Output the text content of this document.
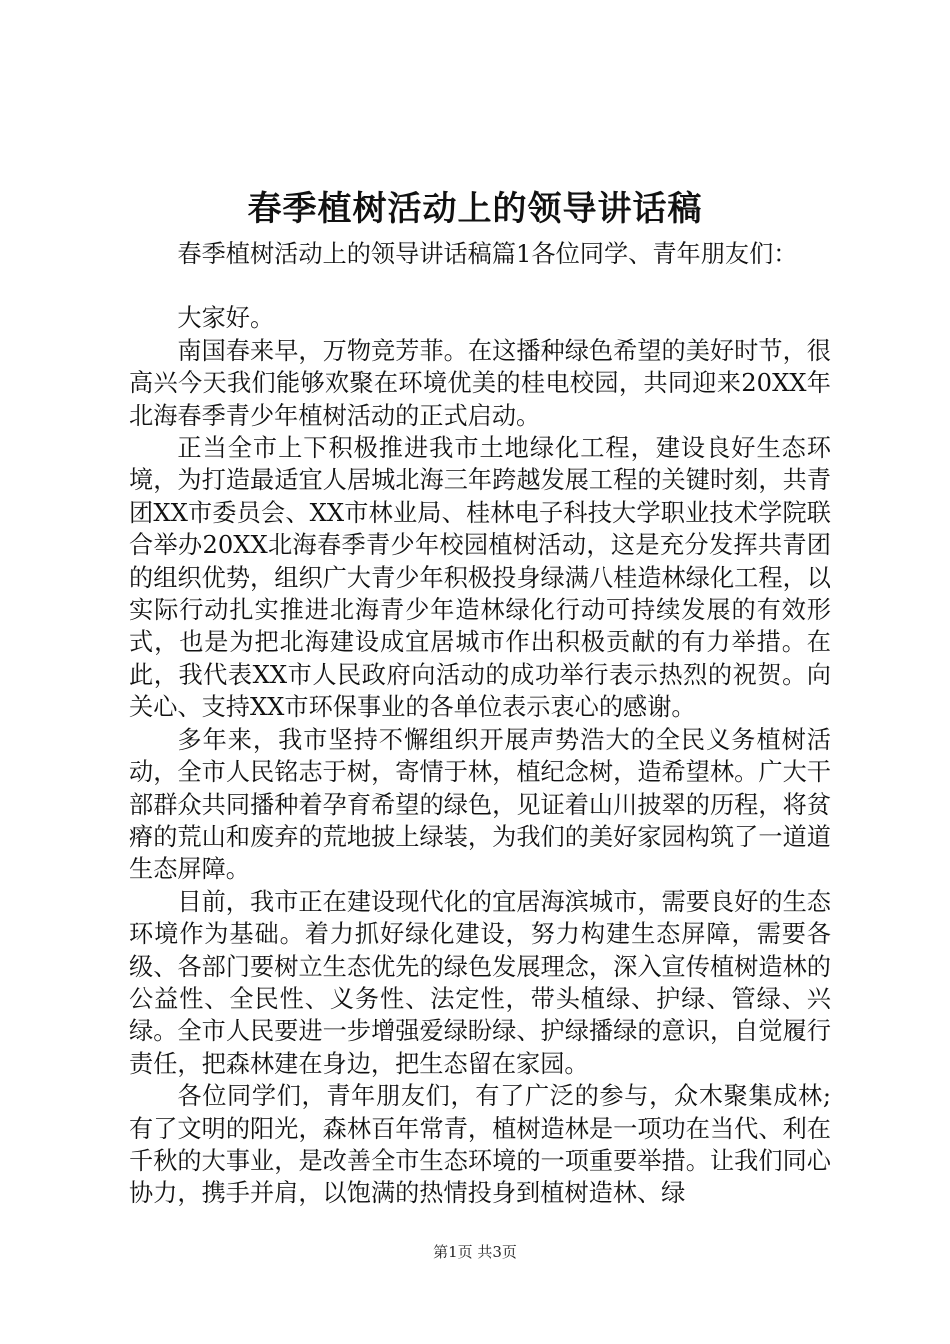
春季植树活动上的领导讲话稿

春季植树活动上的领导讲话稿篇1各位同学、青年朋友们：

大家好。

南国春来早，万物竞芳菲。在这播种绿色希望的美好时节，很高兴今天我们能够欢聚在环境优美的桂电校园，共同迎来20XX年北海春季青少年植树活动的正式启动。

正当全市上下积极推进我市土地绿化工程，建设良好生态环境，为打造最适宜人居城北海三年跨越发展工程的关键时刻，共青团XX市委员会、XX市林业局、桂林电子科技大学职业技术学院联合举办20XX北海春季青少年校园植树活动，这是充分发挥共青团的组织优势，组织广大青少年积极投身绿满八桂造林绿化工程，以实际行动扎实推进北海青少年造林绿化行动可持续发展的有效形式，也是为把北海建设成宜居城市作出积极贡献的有力举措。在此，我代表XX市人民政府向活动的成功举行表示热烈的祝贺。向关心、支持XX市环保事业的各单位表示衷心的感谢。

多年来，我市坚持不懈组织开展声势浩大的全民义务植树活动，全市人民铭志于树，寄情于林，植纪念树，造希望林。广大干部群众共同播种着孕育希望的绿色，见证着山川披翠的历程，将贫瘠的荒山和废弃的荒地披上绿装，为我们的美好家园构筑了一道道生态屏障。

目前，我市正在建设现代化的宜居海滨城市，需要良好的生态环境作为基础。着力抓好绿化建设，努力构建生态屏障，需要各级、各部门要树立生态优先的绿色发展理念，深入宣传植树造林的公益性、全民性、义务性、法定性，带头植绿、护绿、管绿、兴绿。全市人民要进一步增强爱绿盼绿、护绿播绿的意识，自觉履行责任，把森林建在身边，把生态留在家园。

各位同学们，青年朋友们，有了广泛的参与，众木聚集成林;有了文明的阳光，森林百年常青，植树造林是一项功在当代、利在千秋的大事业，是改善全市生态环境的一项重要举措。让我们同心协力，携手并肩，以饱满的热情投身到植树造林、绿

第1页 共3页
